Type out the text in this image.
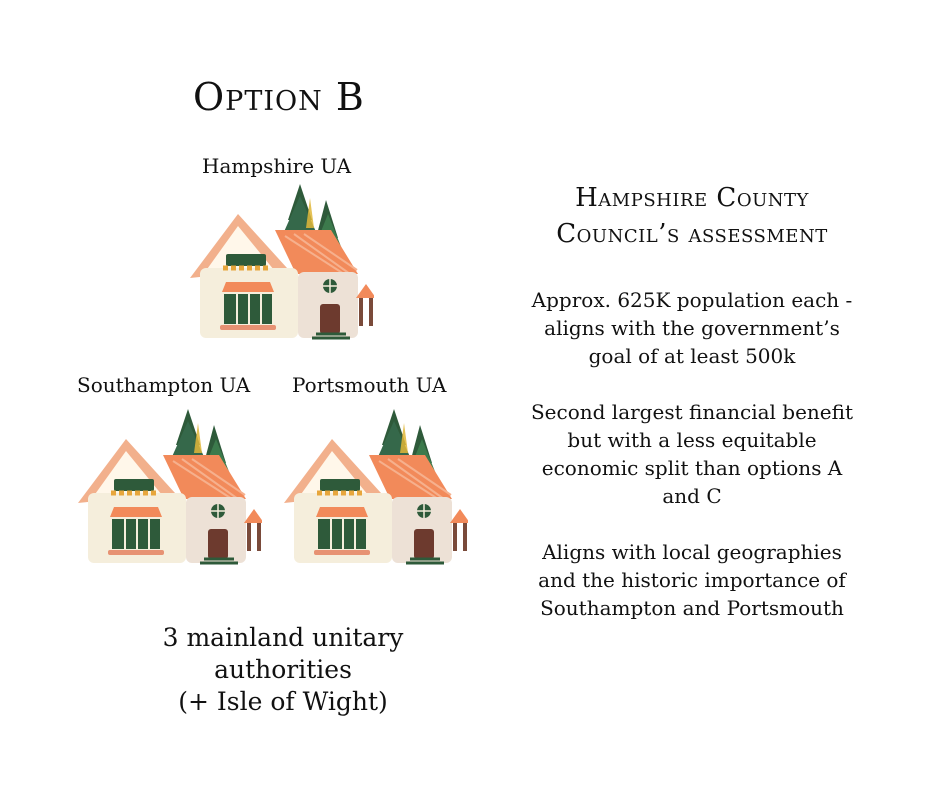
Option B
Hampshire UA
Southampton UA Portsmouth UA
3 mainland unitary authorities
(+ Isle of Wight)
Hampshire County
Council’s assessment
Approx. 625K population each - aligns with the government’s goal of at least 500k
Second largest financial benefit but with a less equitable economic split than options A and C
Aligns with local geographies and the historic importance of Southampton and Portsmouth
